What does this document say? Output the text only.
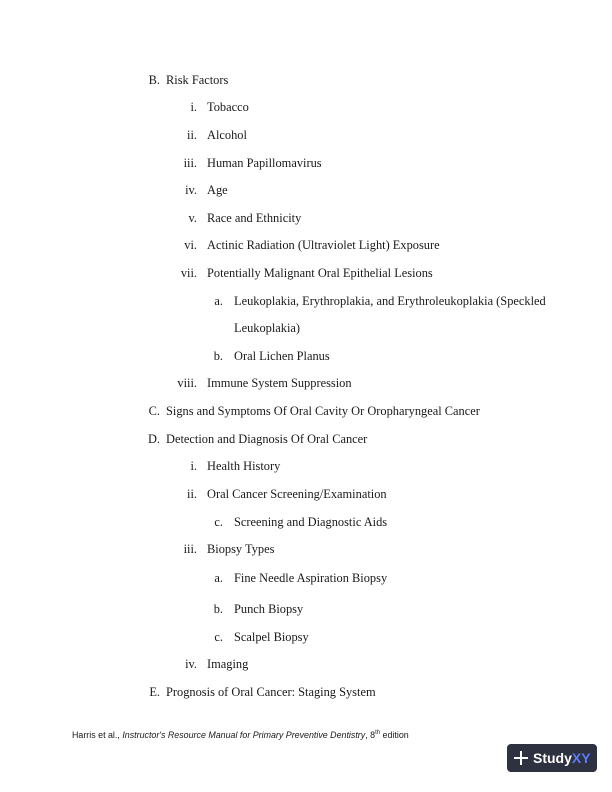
B. Risk Factors
i. Tobacco
ii. Alcohol
iii. Human Papillomavirus
iv. Age
v. Race and Ethnicity
vi. Actinic Radiation (Ultraviolet Light) Exposure
vii. Potentially Malignant Oral Epithelial Lesions
a. Leukoplakia, Erythroplakia, and Erythroleukoplakia (Speckled
Leukoplakia)
b. Oral Lichen Planus
viii. Immune System Suppression
C. Signs and Symptoms Of Oral Cavity Or Oropharyngeal Cancer
D. Detection and Diagnosis Of Oral Cancer
i. Health History
ii. Oral Cancer Screening/Examination
c. Screening and Diagnostic Aids
iii. Biopsy Types
a. Fine Needle Aspiration Biopsy
b. Punch Biopsy
c. Scalpel Biopsy
iv. Imaging
E. Prognosis of Oral Cancer: Staging System
Harris et al., Instructor's Resource Manual for Primary Preventive Dentistry, 8th edition
Study XY
